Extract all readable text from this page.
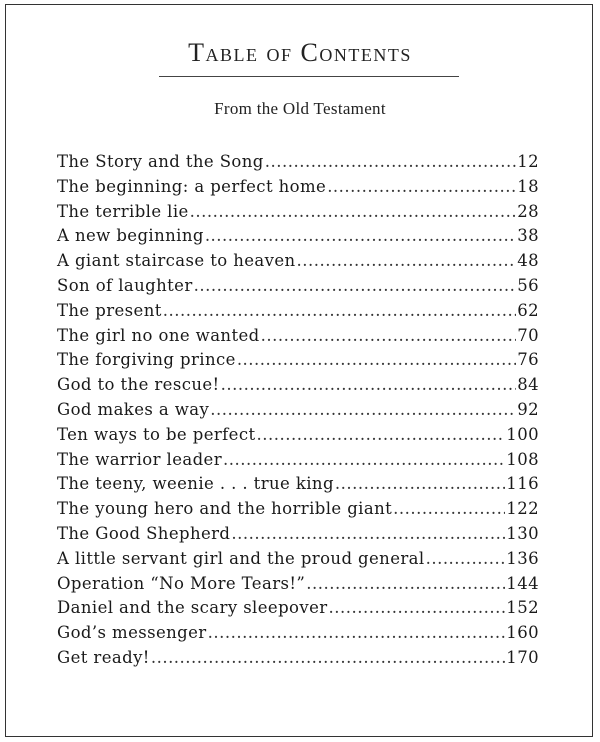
Table of Contents
From the Old Testament
The Story and the Song .....	12
The beginning: a perfect home .....	18
The terrible lie .....	28
A new beginning .....	38
A giant staircase to heaven .....	48
Son of laughter .....	56
The present .....	62
The girl no one wanted .....	70
The forgiving prince .....	76
God to the rescue! .....	84
God makes a way .....	92
Ten ways to be perfect .....	100
The warrior leader .....	108
The teeny, weenie . . . true king .....	116
The young hero and the horrible giant .....	122
The Good Shepherd .....	130
A little servant girl and the proud general .....	136
Operation “No More Tears!” .....	144
Daniel and the scary sleepover .....	152
God’s messenger .....	160
Get ready! .....	170
